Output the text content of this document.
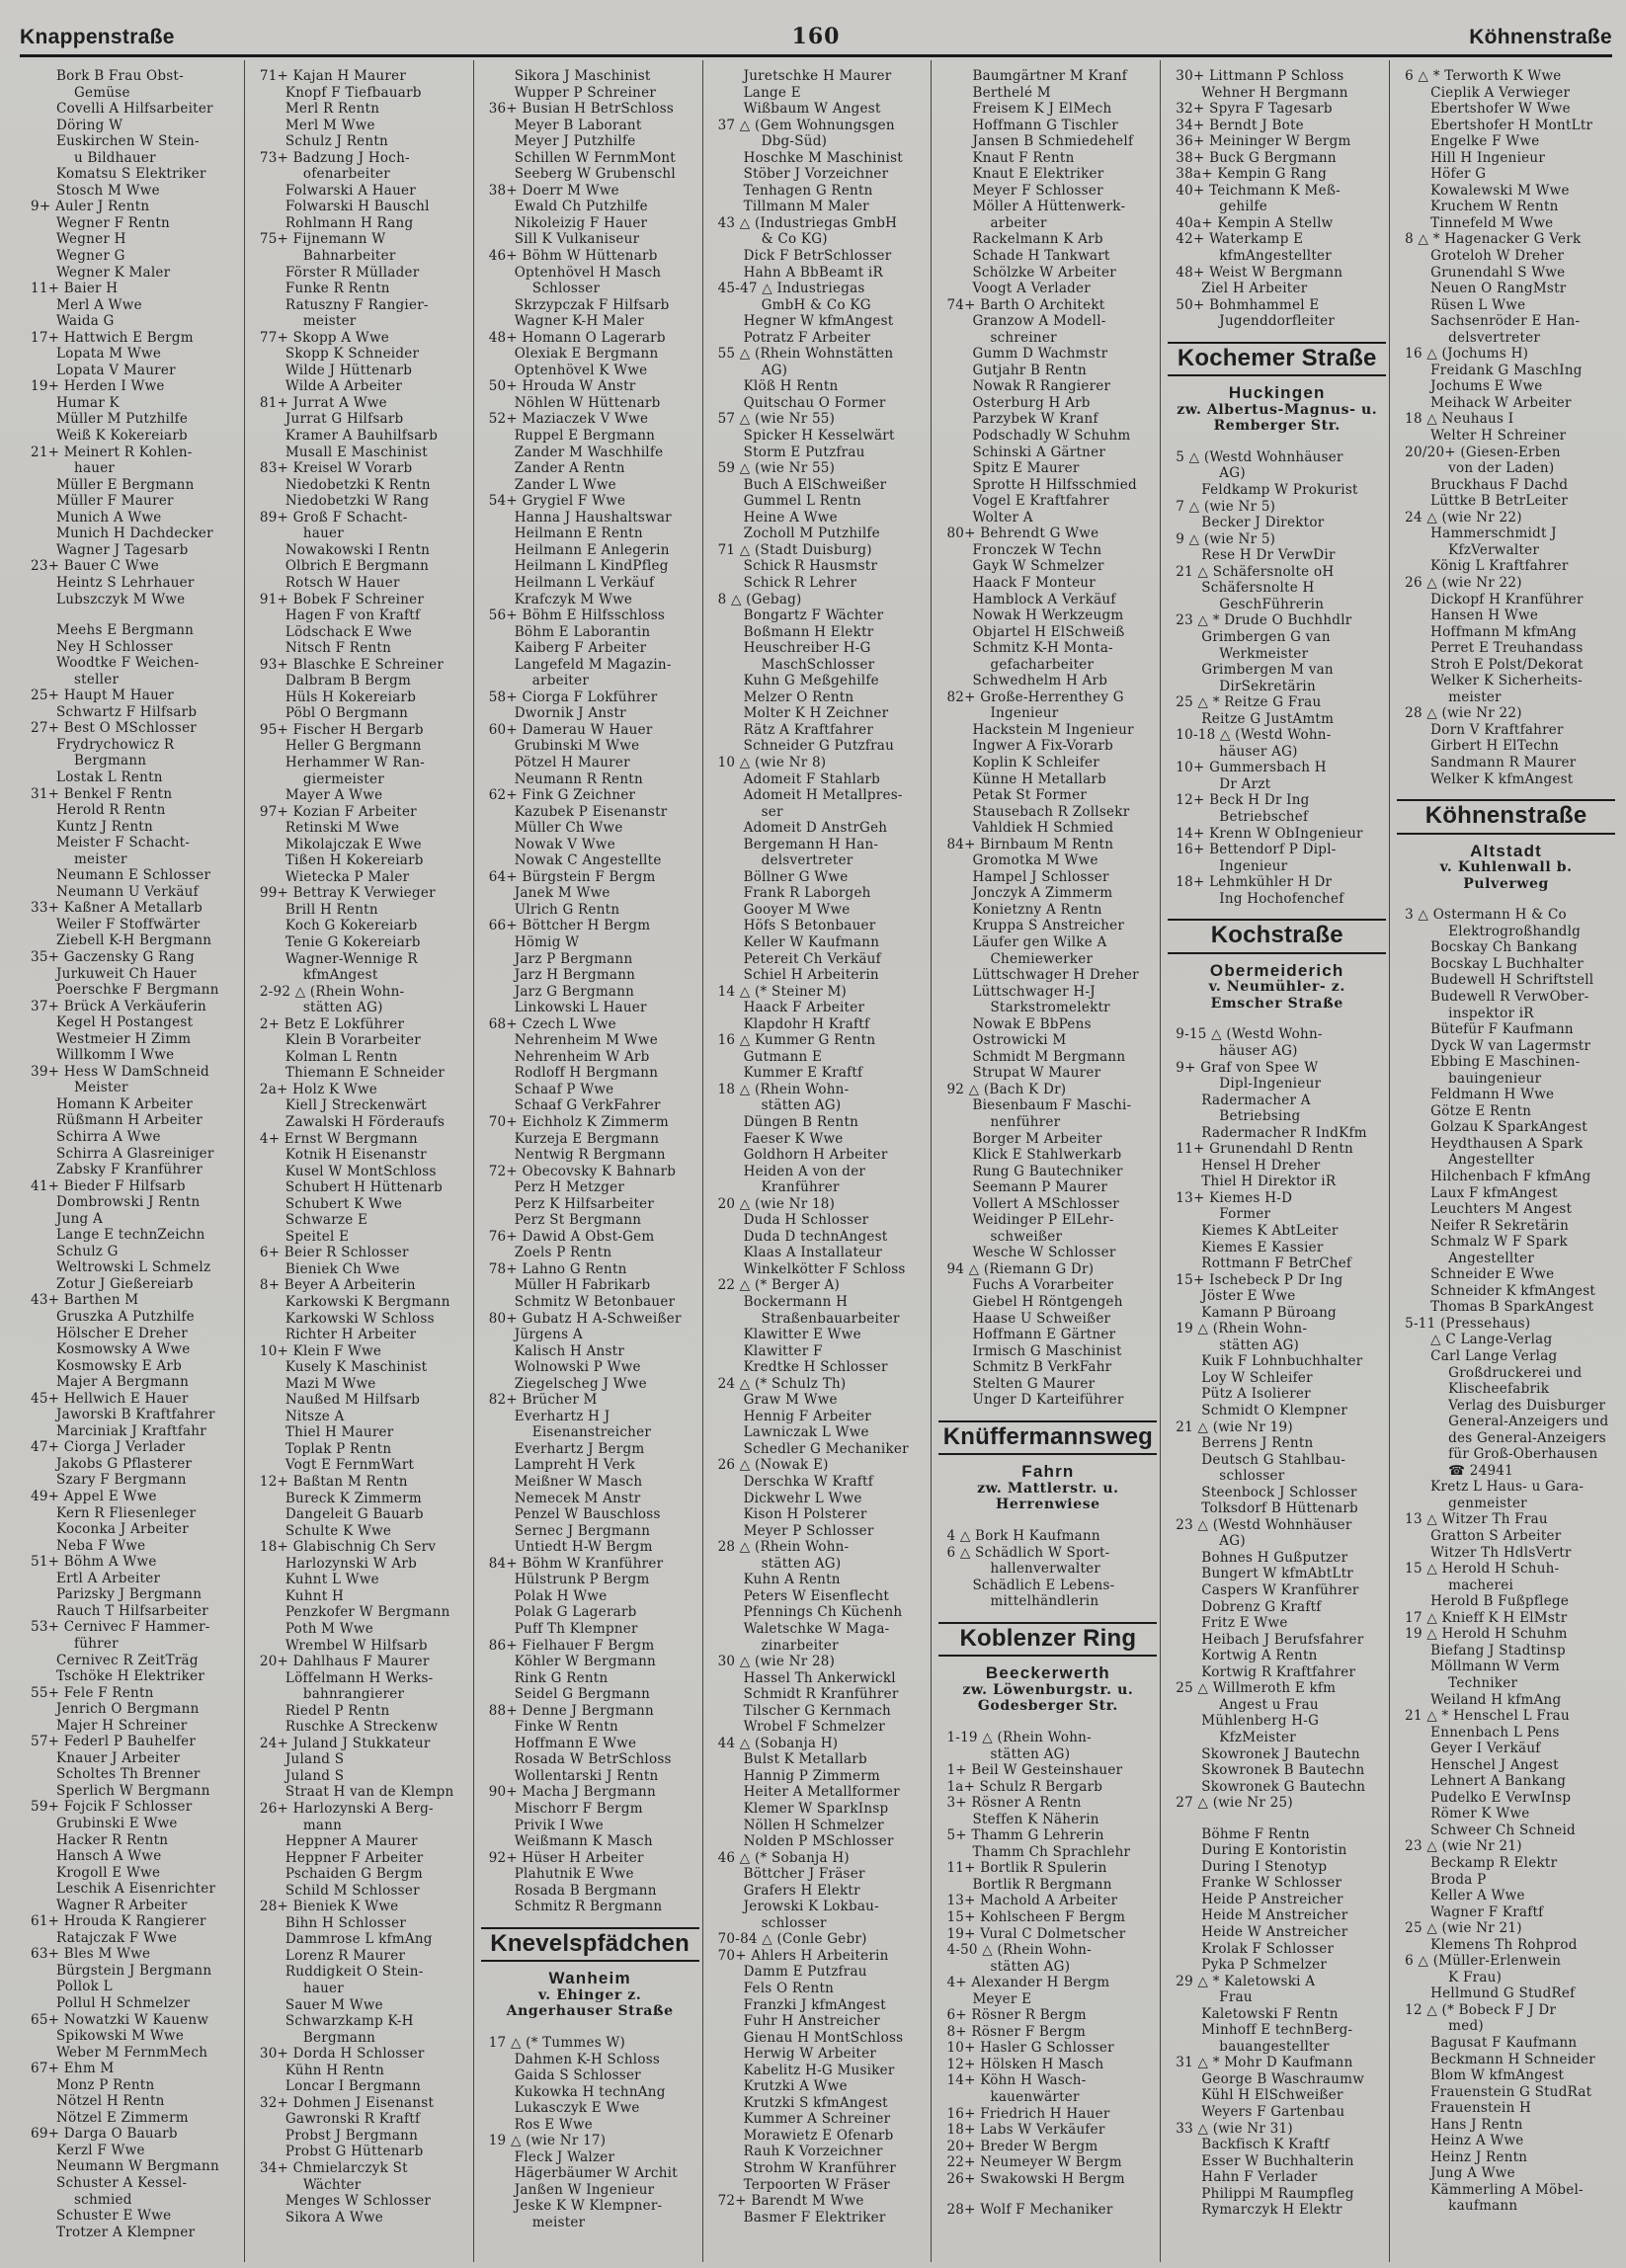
Knappenstraße	160	Köhnenstraße
Bork B Frau Obst-
Gemüse
Covelli A Hilfsarbeiter
Döring W
Euskirchen W Stein-
u Bildhauer
Komatsu S Elektriker
Stosch M Wwe
9+ Auler J Rentn
Wegner F Rentn
Wegner H
Wegner G
Wegner K Maler
11+ Baier H
Merl A Wwe
Waida G
17+ Hattwich E Bergm
Lopata M Wwe
Lopata V Maurer
19+ Herden I Wwe
Humar K
Müller M Putzhilfe
Weiß K Kokereiarb
21+ Meinert R Kohlen-
hauer
Müller E Bergmann
Müller F Maurer
Munich A Wwe
Munich H Dachdecker
Wagner J Tagesarb
23+ Bauer C Wwe
Heintz S Lehrhauer
Lubszczyk M Wwe
Meehs E Bergmann
Ney H Schlosser
Woodtke F Weichen-
steller
25+ Haupt M Hauer
Schwartz F Hilfsarb
27+ Best O MSchlosser
Frydrychowicz R
Bergmann
Lostak L Rentn
31+ Benkel F Rentn
Herold R Rentn
Kuntz J Rentn
Meister F Schacht-
meister
Neumann E Schlosser
Neumann U Verkäuf
33+ Kaßner A Metallarb
Weiler F Stoffwärter
Ziebell K-H Bergmann
35+ Gaczensky G Rang
Jurkuweit Ch Hauer
Poerschke F Bergmann
37+ Brück A Verkäuferin
Kegel H Postangest
Westmeier H Zimm
Willkomm I Wwe
39+ Hess W DamSchneid
Meister
Homann K Arbeiter
Rüßmann H Arbeiter
Schirra A Wwe
Schirra A Glasreiniger
Zabsky F Kranführer
41+ Bieder F Hilfsarb
Dombrowski J Rentn
Jung A
Lange E technZeichn
Schulz G
Weltrowski L Schmelz
Zotur J Gießereiarb
43+ Barthen M
Gruszka A Putzhilfe
Hölscher E Dreher
Kosmowsky A Wwe
Kosmowsky E Arb
Majer A Bergmann
45+ Hellwich E Hauer
Jaworski B Kraftfahrer
Marciniak J Kraftfahr
47+ Ciorga J Verlader
Jakobs G Pflasterer
Szary F Bergmann
49+ Appel E Wwe
Kern R Fliesenleger
Koconka J Arbeiter
Neba F Wwe
51+ Böhm A Wwe
Ertl A Arbeiter
Parizsky J Bergmann
Rauch T Hilfsarbeiter
53+ Cernivec F Hammer-
führer
Cernivec R ZeitTräg
Tschöke H Elektriker
55+ Fele F Rentn
Jenrich O Bergmann
Majer H Schreiner
57+ Federl P Bauhelfer
Knauer J Arbeiter
Scholtes Th Brenner
Sperlich W Bergmann
59+ Fojcik F Schlosser
Grubinski E Wwe
Hacker R Rentn
Hansch A Wwe
Krogoll E Wwe
Leschik A Eisenrichter
Wagner R Arbeiter
61+ Hrouda K Rangierer
Ratajczak F Wwe
63+ Bles M Wwe
Bürgstein J Bergmann
Pollok L
Pollul H Schmelzer
65+ Nowatzki W Kauenw
Spikowski M Wwe
Weber M FernmMech
67+ Ehm M
Monz P Rentn
Nötzel H Rentn
Nötzel E Zimmerm
69+ Darga O Bauarb
Kerzl F Wwe
Neumann W Bergmann
Schuster A Kessel-
schmied
Schuster E Wwe
Trotzer A Klempner
71+ Kajan H Maurer
Knopf F Tiefbauarb
Merl R Rentn
Merl M Wwe
Schulz J Rentn
73+ Badzung J Hoch-
ofenarbeiter
Folwarski A Hauer
Folwarski H Bauschl
Rohlmann H Rang
75+ Fijnemann W
Bahnarbeiter
Förster R Müllader
Funke R Rentn
Ratuszny F Rangier-
meister
77+ Skopp A Wwe
Skopp K Schneider
Wilde J Hüttenarb
Wilde A Arbeiter
81+ Jurrat A Wwe
Jurrat G Hilfsarb
Kramer A Bauhilfsarb
Musall E Maschinist
83+ Kreisel W Vorarb
Niedobetzki K Rentn
Niedobetzki W Rang
89+ Groß F Schacht-
hauer
Nowakowski I Rentn
Olbrich E Bergmann
Rotsch W Hauer
91+ Bobek F Schreiner
Hagen F von Kraftf
Lödschack E Wwe
Nitsch F Rentn
93+ Blaschke E Schreiner
Dalbram B Bergm
Hüls H Kokereiarb
Pöbl O Bergmann
95+ Fischer H Bergarb
Heller G Bergmann
Herhammer W Ran-
giermeister
Mayer A Wwe
97+ Kozian F Arbeiter
Retinski M Wwe
Mikolajczak E Wwe
Tißen H Kokereiarb
Wietecka P Maler
99+ Bettray K Verwieger
Brill H Rentn
Koch G Kokereiarb
Tenie G Kokereiarb
Wagner-Wennige R
kfmAngest
2-92 △ (Rhein Wohn-
stätten AG)
2+ Betz E Lokführer
Klein B Vorarbeiter
Kolman L Rentn
Thiemann E Schneider
2a+ Holz K Wwe
Kiell J Streckenwärt
Zawalski H Förderaufs
4+ Ernst W Bergmann
Kotnik H Eisenanstr
Kusel W MontSchloss
Schubert H Hüttenarb
Schubert K Wwe
Schwarze E
Speitel E
6+ Beier R Schlosser
Bieniek Ch Wwe
8+ Beyer A Arbeiterin
Karkowski K Bergmann
Karkowski W Schloss
Richter H Arbeiter
10+ Klein F Wwe
Kusely K Maschinist
Mazi M Wwe
Naußed M Hilfsarb
Nitsze A
Thiel H Maurer
Toplak P Rentn
Vogt E FernmWart
12+ Baßtan M Rentn
Bureck K Zimmerm
Dangeleit G Bauarb
Schulte K Wwe
18+ Glabischnig Ch Serv
Harlozynski W Arb
Kuhnt L Wwe
Kuhnt H
Penzkofer W Bergmann
Poth M Wwe
Wrembel W Hilfsarb
20+ Dahlhaus F Maurer
Löffelmann H Werks-
bahnrangierer
Riedel P Rentn
Ruschke A Streckenw
24+ Juland J Stukkateur
Juland S
Juland S
Straat H van de Klempn
26+ Harlozynski A Berg-
mann
Heppner A Maurer
Heppner F Arbeiter
Pschaiden G Bergm
Schild M Schlosser
28+ Bieniek K Wwe
Bihn H Schlosser
Dammrose L kfmAng
Lorenz R Maurer
Ruddigkeit O Stein-
hauer
Sauer M Wwe
Schwarzkamp K-H
Bergmann
30+ Dorda H Schlosser
Kühn H Rentn
Loncar I Bergmann
32+ Dohmen J Eisenanst
Gawronski R Kraftf
Probst J Bergmann
Probst G Hüttenarb
34+ Chmielarczyk St
Wächter
Menges W Schlosser
Sikora A Wwe
Sikora J Maschinist
Wupper P Schreiner
36+ Busian H BetrSchloss
Meyer B Laborant
Meyer J Putzhilfe
Schillen W FernmMont
Seeberg W Grubenschl
38+ Doerr M Wwe
Ewald Ch Putzhilfe
Nikoleizig F Hauer
Sill K Vulkaniseur
46+ Böhm W Hüttenarb
Optenhövel H Masch
Schlosser
Skrzypczak F Hilfsarb
Wagner K-H Maler
48+ Homann O Lagerarb
Olexiak E Bergmann
Optenhövel K Wwe
50+ Hrouda W Anstr
Nöhlen W Hüttenarb
52+ Maziaczek V Wwe
Ruppel E Bergmann
Zander M Waschhilfe
Zander A Rentn
Zander L Wwe
54+ Grygiel F Wwe
Hanna J Haushaltswar
Heilmann E Rentn
Heilmann E Anlegerin
Heilmann L KindPfleg
Heilmann L Verkäuf
Krafczyk M Wwe
56+ Böhm E Hilfsschloss
Böhm E Laborantin
Kaiberg F Arbeiter
Langefeld M Magazin-
arbeiter
58+ Ciorga F Lokführer
Dwornik J Anstr
60+ Damerau W Hauer
Grubinski M Wwe
Pötzel H Maurer
Neumann R Rentn
62+ Fink G Zeichner
Kazubek P Eisenanstr
Müller Ch Wwe
Nowak V Wwe
Nowak C Angestellte
64+ Bürgstein F Bergm
Janek M Wwe
Ulrich G Rentn
66+ Böttcher H Bergm
Hömig W
Jarz P Bergmann
Jarz H Bergmann
Jarz G Bergmann
Linkowski L Hauer
68+ Czech L Wwe
Nehrenheim M Wwe
Nehrenheim W Arb
Rodloff H Bergmann
Schaaf P Wwe
Schaaf G VerkFahrer
70+ Eichholz K Zimmerm
Kurzeja E Bergmann
Nentwig R Bergmann
72+ Obecovsky K Bahnarb
Perz H Metzger
Perz K Hilfsarbeiter
Perz St Bergmann
76+ Dawid A Obst-Gem
Zoels P Rentn
78+ Lahno G Rentn
Müller H Fabrikarb
Schmitz W Betonbauer
80+ Gubatz H A-Schweißer
Jürgens A
Kalisch H Anstr
Wolnowski P Wwe
Ziegelscheg J Wwe
82+ Brücher M
Everhartz H J
Eisenanstreicher
Everhartz J Bergm
Lampreht H Verk
Meißner W Masch
Nemecek M Anstr
Penzel W Bauschloss
Sernec J Bergmann
Untiedt H-W Bergm
84+ Böhm W Kranführer
Hülstrunk P Bergm
Polak H Wwe
Polak G Lagerarb
Puff Th Klempner
86+ Fielhauer F Bergm
Köhler W Bergmann
Rink G Rentn
Seidel G Bergmann
88+ Denne J Bergmann
Finke W Rentn
Hoffmann E Wwe
Rosada W BetrSchloss
Wollentarski J Rentn
90+ Macha J Bergmann
Mischorr F Bergm
Privik I Wwe
Weißmann K Masch
92+ Hüser H Arbeiter
Plahutnik E Wwe
Rosada B Bergmann
Schmitz R Bergmann
Knevelspfädchen
Wanheim
v. Ehinger z.
Angerhauser Straße
17 △ (* Tummes W)
Dahmen K-H Schloss
Gaida S Schlosser
Kukowka H technAng
Lukasczyk E Wwe
Ros E Wwe
19 △ (wie Nr 17)
Fleck J Walzer
Hägerbäumer W Archit
Janßen W Ingenieur
Jeske K W Klempner-
meister
Juretschke H Maurer
Lange E
Wißbaum W Angest
37 △ (Gem Wohnungsgen
Dbg-Süd)
Hoschke M Maschinist
Stöber J Vorzeichner
Tenhagen G Rentn
Tillmann M Maler
43 △ (Industriegas GmbH
& Co KG)
Dick F BetrSchlosser
Hahn A BbBeamt iR
45-47 △ Industriegas
GmbH & Co KG
Hegner W kfmAngest
Potratz F Arbeiter
55 △ (Rhein Wohnstätten
AG)
Klöß H Rentn
Quitschau O Former
57 △ (wie Nr 55)
Spicker H Kesselwärt
Storm E Putzfrau
59 △ (wie Nr 55)
Buch A ElSchweißer
Gummel L Rentn
Heine A Wwe
Zocholl M Putzhilfe
71 △ (Stadt Duisburg)
Schick R Hausmstr
Schick R Lehrer
8 △ (Gebag)
Bongartz F Wächter
Boßmann H Elektr
Heuschreiber H-G
MaschSchlosser
Kuhn G Meßgehilfe
Melzer O Rentn
Molter K H Zeichner
Rätz A Kraftfahrer
Schneider G Putzfrau
10 △ (wie Nr 8)
Adomeit F Stahlarb
Adomeit H Metallpres-
ser
Adomeit D AnstrGeh
Bergemann H Han-
delsvertreter
Böllner G Wwe
Frank R Laborgeh
Gooyer M Wwe
Höfs S Betonbauer
Keller W Kaufmann
Petereit Ch Verkäuf
Schiel H Arbeiterin
14 △ (* Steiner M)
Haack F Arbeiter
Klapdohr H Kraftf
16 △ Kummer G Rentn
Gutmann E
Kummer E Kraftf
18 △ (Rhein Wohn-
stätten AG)
Düngen B Rentn
Faeser K Wwe
Goldhorn H Arbeiter
Heiden A von der
Kranführer
20 △ (wie Nr 18)
Duda H Schlosser
Duda D technAngest
Klaas A Installateur
Winkelkötter F Schloss
22 △ (* Berger A)
Bockermann H
Straßenbauarbeiter
Klawitter E Wwe
Klawitter F
Kredtke H Schlosser
24 △ (* Schulz Th)
Graw M Wwe
Hennig F Arbeiter
Lawniczak L Wwe
Schedler G Mechaniker
26 △ (Nowak E)
Derschka W Kraftf
Dickwehr L Wwe
Kison H Polsterer
Meyer P Schlosser
28 △ (Rhein Wohn-
stätten AG)
Kuhn A Rentn
Peters W Eisenflecht
Pfennings Ch Küchenh
Waletschke W Maga-
zinarbeiter
30 △ (wie Nr 28)
Hassel Th Ankerwickl
Schmidt R Kranführer
Tilscher G Kernmach
Wrobel F Schmelzer
44 △ (Sobanja H)
Bulst K Metallarb
Hannig P Zimmerm
Heiter A Metallformer
Klemer W SparkInsp
Nöllen H Schmelzer
Nolden P MSchlosser
46 △ (* Sobanja H)
Böttcher J Fräser
Grafers H Elektr
Jerowski K Lokbau-
schlosser
70-84 △ (Conle Gebr)
70+ Ahlers H Arbeiterin
Damm E Putzfrau
Fels O Rentn
Franzki J kfmAngest
Fuhr H Anstreicher
Gienau H MontSchloss
Herwig W Arbeiter
Kabelitz H-G Musiker
Krutzki A Wwe
Krutzki S kfmAngest
Kummer A Schreiner
Morawietz E Ofenarb
Rauh K Vorzeichner
Strohm W Kranführer
Terpoorten W Fräser
72+ Barendt M Wwe
Basmer F Elektriker
Baumgärtner M Kranf
Berthelé M
Freisem K J ElMech
Hoffmann G Tischler
Jansen B Schmiedehelf
Knaut F Rentn
Knaut E Elektriker
Meyer F Schlosser
Möller A Hüttenwerk-
arbeiter
Rackelmann K Arb
Schade H Tankwart
Schölzke W Arbeiter
Voogt A Verlader
74+ Barth O Architekt
Granzow A Modell-
schreiner
Gumm D Wachmstr
Gutjahr B Rentn
Nowak R Rangierer
Osterburg H Arb
Parzybek W Kranf
Podschadly W Schuhm
Schinski A Gärtner
Spitz E Maurer
Sprotte H Hilfsschmied
Vogel E Kraftfahrer
Wolter A
80+ Behrendt G Wwe
Fronczek W Techn
Gayk W Schmelzer
Haack F Monteur
Hamblock A Verkäuf
Nowak H Werkzeugm
Objartel H ElSchweiß
Schmitz K-H Monta-
gefacharbeiter
Schwedhelm H Arb
82+ Große-Herrenthey G
Ingenieur
Hackstein M Ingenieur
Ingwer A Fix-Vorarb
Koplin K Schleifer
Künne H Metallarb
Petak St Former
Stausebach R Zollsekr
Vahldiek H Schmied
84+ Birnbaum M Rentn
Gromotka M Wwe
Hampel J Schlosser
Jonczyk A Zimmerm
Konietzny A Rentn
Kruppa S Anstreicher
Läufer gen Wilke A
Chemiewerker
Lüttschwager H Dreher
Lüttschwager H-J
Starkstromelektr
Nowak E BbPens
Ostrowicki M
Schmidt M Bergmann
Strupat W Maurer
92 △ (Bach K Dr)
Biesenbaum F Maschi-
nenführer
Borger M Arbeiter
Klick E Stahlwerkarb
Rung G Bautechniker
Seemann P Maurer
Vollert A MSchlosser
Weidinger P ElLehr-
schweißer
Wesche W Schlosser
94 △ (Riemann G Dr)
Fuchs A Vorarbeiter
Giebel H Röntgengeh
Haase U Schweißer
Hoffmann E Gärtner
Irmisch G Maschinist
Schmitz B VerkFahr
Stelten G Maurer
Unger D Karteiführer
Knüffermannsweg
Fahrn
zw. Mattlerstr. u.
Herrenwiese
4 △ Bork H Kaufmann
6 △ Schädlich W Sport-
hallenverwalter
Schädlich E Lebens-
mittelhändlerin
Koblenzer Ring
Beeckerwerth
zw. Löwenburgstr. u.
Godesberger Str.
1-19 △ (Rhein Wohn-
stätten AG)
1+ Beil W Gesteinshauer
1a+ Schulz R Bergarb
3+ Rösner A Rentn
Steffen K Näherin
5+ Thamm G Lehrerin
Thamm Ch Sprachlehr
11+ Bortlik R Spulerin
Bortlik R Bergmann
13+ Machold A Arbeiter
15+ Kohlscheen F Bergm
19+ Vural C Dolmetscher
4-50 △ (Rhein Wohn-
stätten AG)
4+ Alexander H Bergm
Meyer E
6+ Rösner R Bergm
8+ Rösner F Bergm
10+ Hasler G Schlosser
12+ Hölsken H Masch
14+ Köhn H Wasch-
kauenwärter
16+ Friedrich H Hauer
18+ Labs W Verkäufer
20+ Breder W Bergm
22+ Neumeyer W Bergm
26+ Swakowski H Bergm
28+ Wolf F Mechaniker
30+ Littmann P Schloss
Wehner H Bergmann
32+ Spyra F Tagesarb
34+ Berndt J Bote
36+ Meininger W Bergm
38+ Buck G Bergmann
38a+ Kempin G Rang
40+ Teichmann K Meß-
gehilfe
40a+ Kempin A Stellw
42+ Waterkamp E
kfmAngestellter
48+ Weist W Bergmann
Ziel H Arbeiter
50+ Bohmhammel E
Jugenddorfleiter
Kochemer Straße
Huckingen
zw. Albertus-Magnus- u.
Remberger Str.
5 △ (Westd Wohnhäuser
AG)
Feldkamp W Prokurist
7 △ (wie Nr 5)
Becker J Direktor
9 △ (wie Nr 5)
Rese H Dr VerwDir
21 △ Schäfersnolte oH
Schäfersnolte H
GeschFührerin
23 △ * Drude O Buchhdlr
Grimbergen G van
Werkmeister
Grimbergen M van
DirSekretärin
25 △ * Reitze G Frau
Reitze G JustAmtm
10-18 △ (Westd Wohn-
häuser AG)
10+ Gummersbach H
Dr Arzt
12+ Beck H Dr Ing
Betriebschef
14+ Krenn W ObIngenieur
16+ Bettendorf P Dipl-
Ingenieur
18+ Lehmkühler H Dr
Ing Hochofenchef
Kochstraße
Obermeiderich
v. Neumühler- z.
Emscher Straße
9-15 △ (Westd Wohn-
häuser AG)
9+ Graf von Spee W
Dipl-Ingenieur
Radermacher A
Betriebsing
Radermacher R IndKfm
11+ Grunendahl D Rentn
Hensel H Dreher
Thiel H Direktor iR
13+ Kiemes H-D
Former
Kiemes K AbtLeiter
Kiemes E Kassier
Rottmann F BetrChef
15+ Ischebeck P Dr Ing
Jöster E Wwe
Kamann P Büroang
19 △ (Rhein Wohn-
stätten AG)
Kuik F Lohnbuchhalter
Loy W Schleifer
Pütz A Isolierer
Schmidt O Klempner
21 △ (wie Nr 19)
Berrens J Rentn
Deutsch G Stahlbau-
schlosser
Steenbock J Schlosser
Tolksdorf B Hüttenarb
23 △ (Westd Wohnhäuser
AG)
Bohnes H Gußputzer
Bungert W kfmAbtLtr
Caspers W Kranführer
Dobrenz G Kraftf
Fritz E Wwe
Heibach J Berufsfahrer
Kortwig A Rentn
Kortwig R Kraftfahrer
25 △ Willmeroth E kfm
Angest u Frau
Mühlenberg H-G
KfzMeister
Skowronek J Bautechn
Skowronek B Bautechn
Skowronek G Bautechn
27 △ (wie Nr 25)
Böhme F Rentn
During E Kontoristin
During I Stenotyp
Franke W Schlosser
Heide P Anstreicher
Heide M Anstreicher
Heide W Anstreicher
Krolak F Schlosser
Pyka P Schmelzer
29 △ * Kaletowski A
Frau
Kaletowski F Rentn
Minhoff E technBerg-
bauangestellter
31 △ * Mohr D Kaufmann
George B Waschraumw
Kühl H ElSchweißer
Weyers F Gartenbau
33 △ (wie Nr 31)
Backfisch K Kraftf
Esser W Buchhalterin
Hahn F Verlader
Philippi M Raumpfleg
Rymarczyk H Elektr
6 △ * Terworth K Wwe
Cieplik A Verwieger
Ebertshofer W Wwe
Ebertshofer H MontLtr
Engelke F Wwe
Hill H Ingenieur
Höfer G
Kowalewski M Wwe
Kruchem W Rentn
Tinnefeld M Wwe
8 △ * Hagenacker G Verk
Groteloh W Dreher
Grunendahl S Wwe
Neuen O RangMstr
Rüsen L Wwe
Sachsenröder E Han-
delsvertreter
16 △ (Jochums H)
Freidank G MaschIng
Jochums E Wwe
Meihack W Arbeiter
18 △ Neuhaus I
Welter H Schreiner
20/20+ (Giesen-Erben
von der Laden)
Bruckhaus F Dachd
Lüttke B BetrLeiter
24 △ (wie Nr 22)
Hammerschmidt J
KfzVerwalter
König L Kraftfahrer
26 △ (wie Nr 22)
Dickopf H Kranführer
Hansen H Wwe
Hoffmann M kfmAng
Perret E Treuhandass
Stroh E Polst/Dekorat
Welker K Sicherheits-
meister
28 △ (wie Nr 22)
Dorn V Kraftfahrer
Girbert H ElTechn
Sandmann R Maurer
Welker K kfmAngest
Köhnenstraße
Altstadt
v. Kuhlenwall b.
Pulverweg
3 △ Ostermann H & Co
Elektrogroßhandlg
Bocskay Ch Bankang
Bocskay L Buchhalter
Budewell H Schriftstell
Budewell R VerwOber-
inspektor iR
Bütefür F Kaufmann
Dyck W van Lagermstr
Ebbing E Maschinen-
bauingenieur
Feldmann H Wwe
Götze E Rentn
Golzau K SparkAngest
Heydthausen A Spark
Angestellter
Hilchenbach F kfmAng
Laux F kfmAngest
Leuchters M Angest
Neifer R Sekretärin
Schmalz W F Spark
Angestellter
Schneider E Wwe
Schneider K kfmAngest
Thomas B SparkAngest
5-11 (Pressehaus)
△ C Lange-Verlag
Carl Lange Verlag
Großdruckerei und
Klischeefabrik
Verlag des Duisburger
General-Anzeigers und
des General-Anzeigers
für Groß-Oberhausen
☎ 24941
Kretz L Haus- u Gara-
genmeister
13 △ Witzer Th Frau
Gratton S Arbeiter
Witzer Th HdlsVertr
15 △ Herold H Schuh-
macherei
Herold B Fußpflege
17 △ Knieff K H ElMstr
19 △ Herold H Schuhm
Biefang J Stadtinsp
Möllmann W Verm
Techniker
Weiland H kfmAng
21 △ * Henschel L Frau
Ennenbach L Pens
Geyer I Verkäuf
Henschel J Angest
Lehnert A Bankang
Pudelko E VerwInsp
Römer K Wwe
Schweer Ch Schneid
23 △ (wie Nr 21)
Beckamp R Elektr
Broda P
Keller A Wwe
Wagner F Kraftf
25 △ (wie Nr 21)
Klemens Th Rohprod
6 △ (Müller-Erlenwein
K Frau)
Hellmund G StudRef
12 △ (* Bobeck F J Dr
med)
Bagusat F Kaufmann
Beckmann H Schneider
Blom W kfmAngest
Frauenstein G StudRat
Frauenstein H
Hans J Rentn
Heinz A Wwe
Heinz J Rentn
Jung A Wwe
Kämmerling A Möbel-
kaufmann
